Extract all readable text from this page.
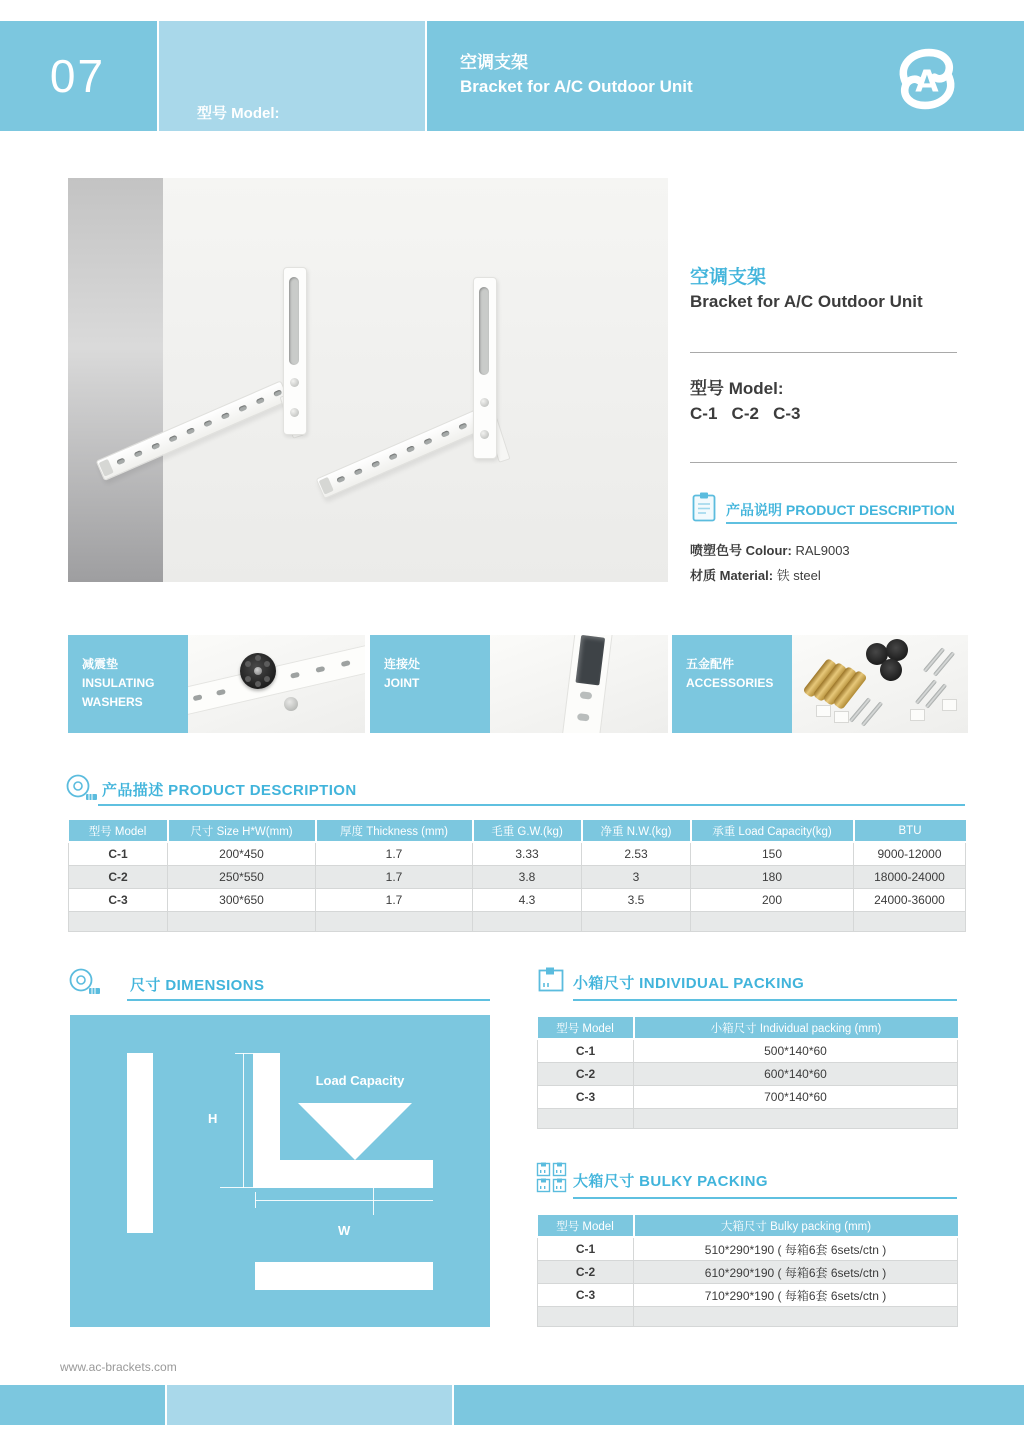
07

型号 Model:

空调支架
Bracket for A/C Outdoor Unit	A
空调支架
Bracket for A/C Outdoor Unit
型号 Model:
C-1   C-2   C-3
产品说明 PRODUCT DESCRIPTION
喷塑色号 Colour: RAL9003
材质 Material: 铁 steel
减震垫
INSULATING
WASHERS
连接处
JOINT
五金配件
ACCESSORIES
产品描述 PRODUCT DESCRIPTION
型号 Model	尺寸 Size H*W(mm)	厚度 Thickness (mm)	毛重 G.W.(kg)	净重 N.W.(kg)	承重 Load Capacity(kg)	BTU
C-1	200*450	1.7	3.33	2.53	150	9000-12000
C-2	250*550	1.7	3.8	3	180	18000-24000
C-3	300*650	1.7	4.3	3.5	200	24000-36000

尺寸 DIMENSIONS
Load Capacity
H
W
小箱尺寸 INDIVIDUAL PACKING
型号 Model	小箱尺寸 Individual packing (mm)
C-1	500*140*60
C-2	600*140*60
C-3	700*140*60

大箱尺寸 BULKY PACKING
型号 Model	大箱尺寸 Bulky packing (mm)
C-1	510*290*190 ( 每箱6套 6sets/ctn )
C-2	610*290*190 ( 每箱6套 6sets/ctn )
C-3	710*290*190 ( 每箱6套 6sets/ctn )

www.ac-brackets.com
